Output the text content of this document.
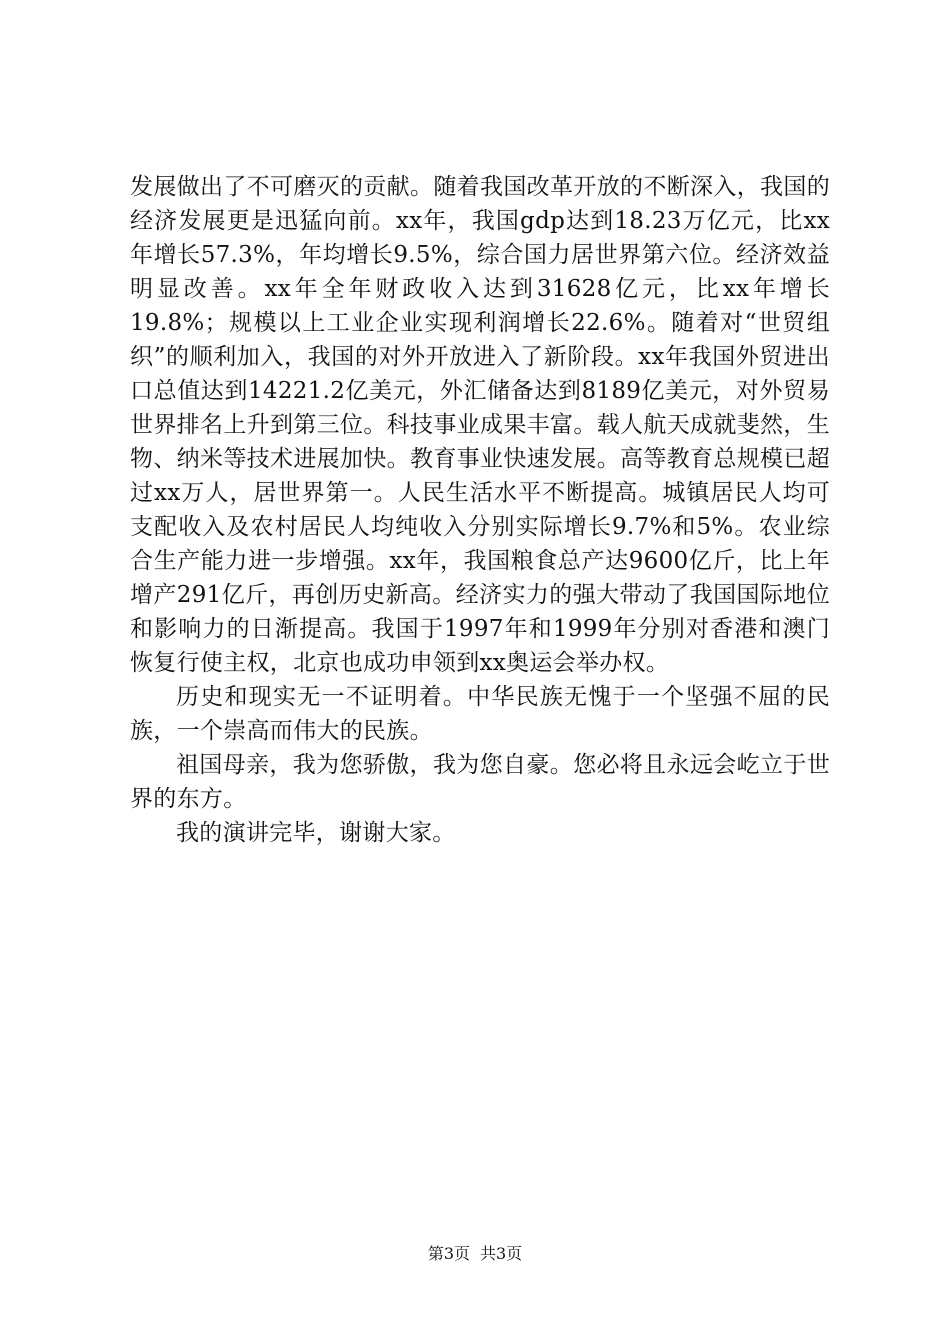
发展做出了不可磨灭的贡献。随着我国改革开放的不断深入，我国的经济发展更是迅猛向前。xx年，我国gdp达到18.23万亿元，比xx年增长57.3%，年均增长9.5%，综合国力居世界第六位。经济效益明显改善。xx年全年财政收入达到31628亿元，比xx年增长19.8%；规模以上工业企业实现利润增长22.6%。随着对“世贸组织”的顺利加入，我国的对外开放进入了新阶段。xx年我国外贸进出口总值达到14221.2亿美元，外汇储备达到8189亿美元，对外贸易世界排名上升到第三位。科技事业成果丰富。载人航天成就斐然，生物、纳米等技术进展加快。教育事业快速发展。高等教育总规模已超过xx万人，居世界第一。人民生活水平不断提高。城镇居民人均可支配收入及农村居民人均纯收入分别实际增长9.7%和5%。农业综合生产能力进一步增强。xx年，我国粮食总产达9600亿斤，比上年增产291亿斤，再创历史新高。经济实力的强大带动了我国国际地位和影响力的日渐提高。我国于1997年和1999年分别对香港和澳门恢复行使主权，北京也成功申领到xx奥运会举办权。

历史和现实无一不证明着。中华民族无愧于一个坚强不屈的民族，一个崇高而伟大的民族。

祖国母亲，我为您骄傲，我为您自豪。您必将且永远会屹立于世界的东方。

我的演讲完毕，谢谢大家。

第3页 共3页
